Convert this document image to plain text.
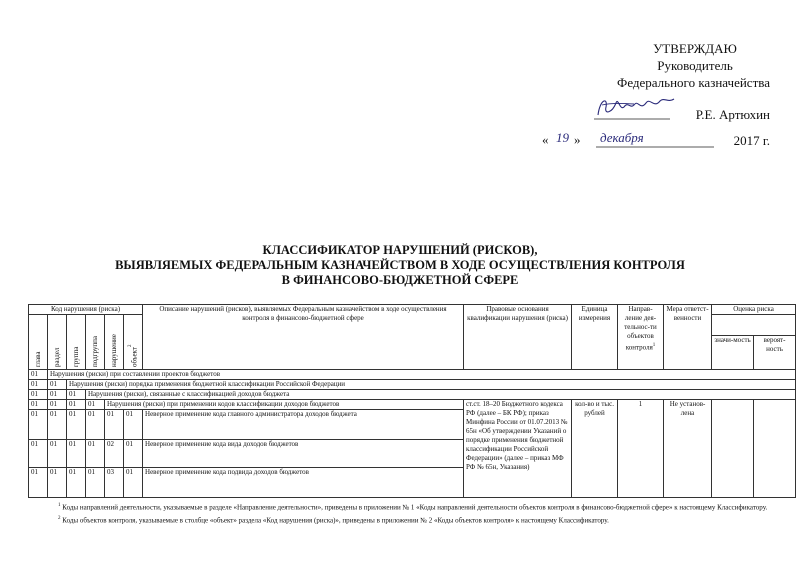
УТВЕРЖДАЮ
Руководитель
Федерального казначейства
Р.Е. Артюхин
« 19 » декабря	2017 г.
КЛАССИФИКАТОР НАРУШЕНИЙ (РИСКОВ),
ВЫЯВЛЯЕМЫХ ФЕДЕРАЛЬНЫМ КАЗНАЧЕЙСТВОМ В ХОДЕ ОСУЩЕСТВЛЕНИЯ КОНТРОЛЯ
В ФИНАНСОВО-БЮДЖЕТНОЙ СФЕРЕ
Код нарушения (риска)						Описание нарушений (рисков), выявляемых Федеральным казначейством в ходе осуществления контроля в финансово-бюджетной сфере	Правовые основания квалификации нарушения (риска)	Единица измерения	Направ-ление дея-тельнос-ти объектов контроля$^1$	Мера ответст-венности	Оценка риска	

глава	раздел	группа	подгруппа	нарушение	объект$^2$

											значи-мость	вероят-ность
01	Нарушения (риски) при составлении проектов бюджетов											
01	01	Нарушения (риски) порядка применения бюджетной классификации Российской Федерации										
01	01	01	Нарушения (риски), связанные с классификацией доходов бюджета									
01	01	01	01	Нарушения (риски) при применении кодов классификации доходов бюджетов			ст.ст. 18–20 Бюджетного кодекса РФ (далее – БК РФ); приказ Минфина России от 01.07.2013 № 65н «Об утверждении Указаний о порядке применения бюджетной классификации Российской Федерации» (далее – приказ МФ РФ № 65н, Указания)	кол-во и тыс. рублей	1	Не установ-лена		
01	01	01	01	01	01	Неверное применение кода главного администратора доходов бюджета						
01	01	01	01	02	01	Неверное применение кода вида доходов бюджетов						
01	01	01	01	03	01	Неверное применение кода подвида доходов бюджетов						
$^1$ Коды направлений деятельности, указываемые в разделе «Направление деятельности», приведены в приложении № 1 «Коды направлений деятельности объектов контроля в финансово-бюджетной сфере» к настоящему Классификатору.
$^2$ Коды объектов контроля, указываемые в столбце «объект» раздела «Код нарушения (риска)», приведены в приложении № 2 «Коды объектов контроля» к настоящему Классификатору.
